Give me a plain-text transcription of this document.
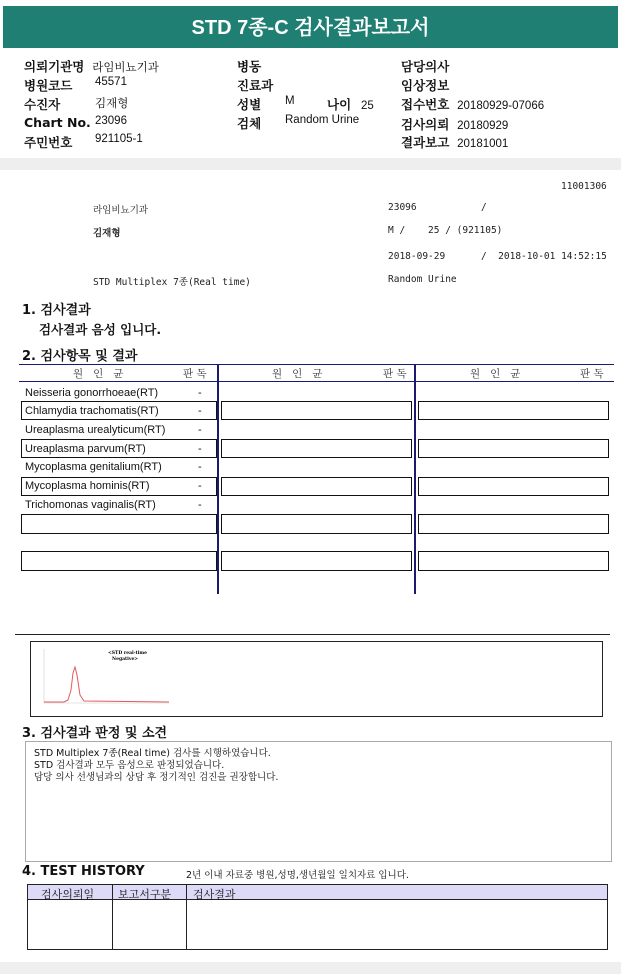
STD 7종-C 검사결과보고서
의뢰기관명 라임비뇨기과
병원코드 45571
수진자	김재형
Chart No. 23096
주민번호 921105-1
병동
진료과
성별 M	나이 25
검체 Random Urine
담당의사
임상정보
접수번호 20180929-07066
검사의뢰 20180929
결과보고 20181001
11001306
라임비뇨기과	23096	/
김재형	M /    25 / (921105)
2018-09-29	/  2018-10-01 14:52:15
STD Multiplex 7종(Real time)	Random Urine
1. 검사결과
검사결과 음성 입니다.
2. 검사항목 및 결과
원   인   균	판 독	원   인   균	판 독	원   인   균	판 독
Neisseria gonorrhoeae(RT)	-
Chlamydia trachomatis(RT)	-
Ureaplasma urealyticum(RT)	-
Ureaplasma parvum(RT)	-
Mycoplasma genitalium(RT)	-
Mycoplasma hominis(RT)	-
Trichomonas vaginalis(RT)	-
<STD real-time
Negative>
3. 검사결과 판정 및 소견
STD Multiplex 7종(Real time) 검사를 시행하였습니다.
STD 검사결과 모두 음성으로 판정되었습니다.
담당 의사 선생님과의 상담 후 정기적인 검진을 권장합니다.
4. TEST HISTORY	2년 이내 자료중 병원,성명,생년월일 일치자료 입니다.
검사의뢰일 보고서구분 검사결과
